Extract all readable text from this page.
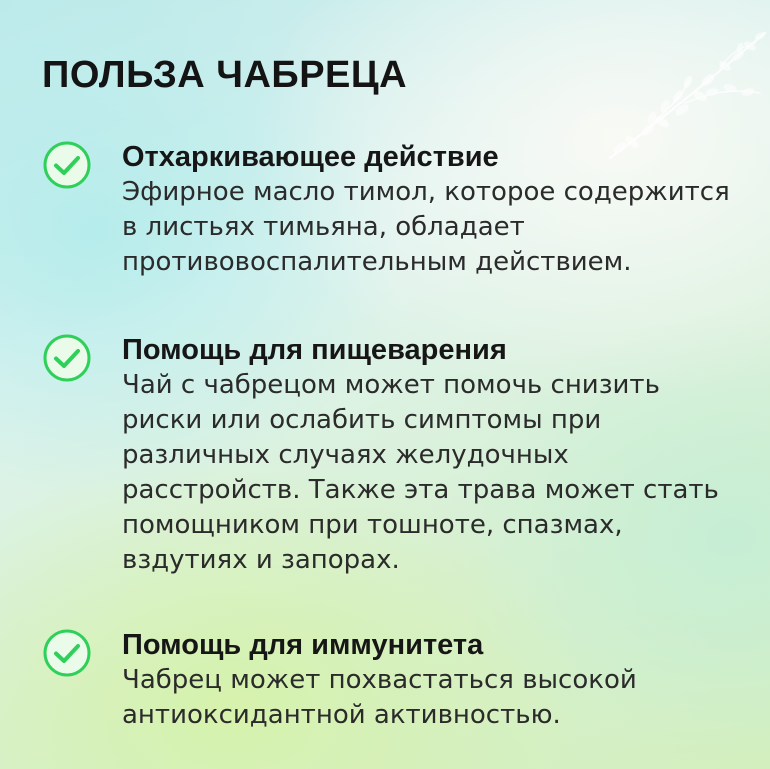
ПОЛЬЗА ЧАБРЕЦА
Отхаркивающее действие
Эфирное масло тимол, которое содержится в листьях тимьяна, обладает противовоспалительным действием.
Помощь для пищеварения
Чай с чабрецом может помочь снизить риски или ослабить симптомы при различных случаях желудочных расстройств. Также эта трава может стать помощником при тошноте, спазмах, вздутиях и запорах.
Помощь для иммунитета
Чабрец может похвастаться высокой антиоксидантной активностью.
